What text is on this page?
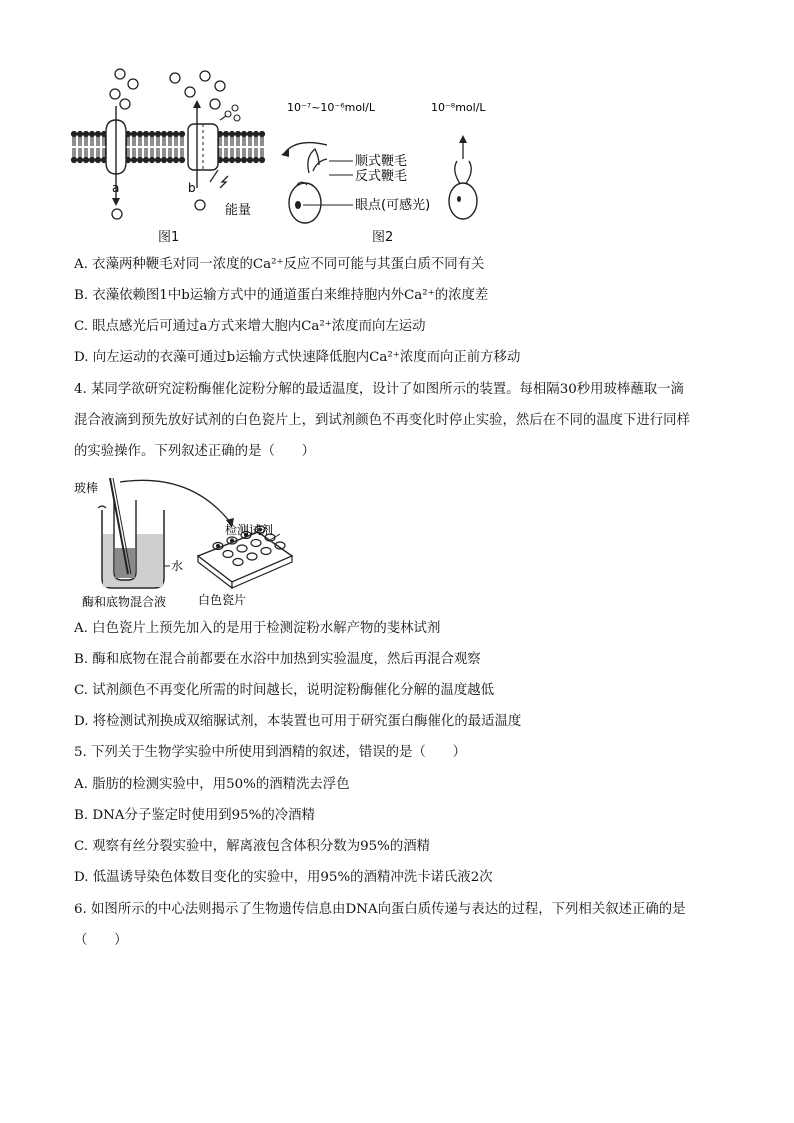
a	b
能量
图1
10⁻⁷~10⁻⁶mol/L	10⁻⁸mol/L
顺式鞭毛
反式鞭毛
眼点(可感光)
图2
A. 衣藻两种鞭毛对同一浓度的Ca²⁺反应不同可能与其蛋白质不同有关
B. 衣藻依赖图1中b运输方式中的通道蛋白来维持胞内外Ca²⁺的浓度差
C. 眼点感光后可通过a方式来增大胞内Ca²⁺浓度而向左运动
D. 向左运动的衣藻可通过b运输方式快速降低胞内Ca²⁺浓度而向正前方移动
4. 某同学欲研究淀粉酶催化淀粉分解的最适温度，设计了如图所示的装置。每相隔30秒用玻棒蘸取一滴
混合液滴到预先放好试剂的白色瓷片上，到试剂颜色不再变化时停止实验，然后在不同的温度下进行同样
的实验操作。下列叙述正确的是（　　）
玻棒
检测试剂
水
酶和底物混合液	白色瓷片
A. 白色瓷片上预先加入的是用于检测淀粉水解产物的斐林试剂
B. 酶和底物在混合前都要在水浴中加热到实验温度，然后再混合观察
C. 试剂颜色不再变化所需的时间越长，说明淀粉酶催化分解的温度越低
D. 将检测试剂换成双缩脲试剂，本装置也可用于研究蛋白酶催化的最适温度
5. 下列关于生物学实验中所使用到酒精的叙述，错误的是（　　）
A. 脂肪的检测实验中，用50%的酒精洗去浮色
B. DNA分子鉴定时使用到95%的冷酒精
C. 观察有丝分裂实验中，解离液包含体积分数为95%的酒精
D. 低温诱导染色体数目变化的实验中，用95%的酒精冲洗卡诺氏液2次
6. 如图所示的中心法则揭示了生物遗传信息由DNA向蛋白质传递与表达的过程，下列相关叙述正确的是
（　　）
